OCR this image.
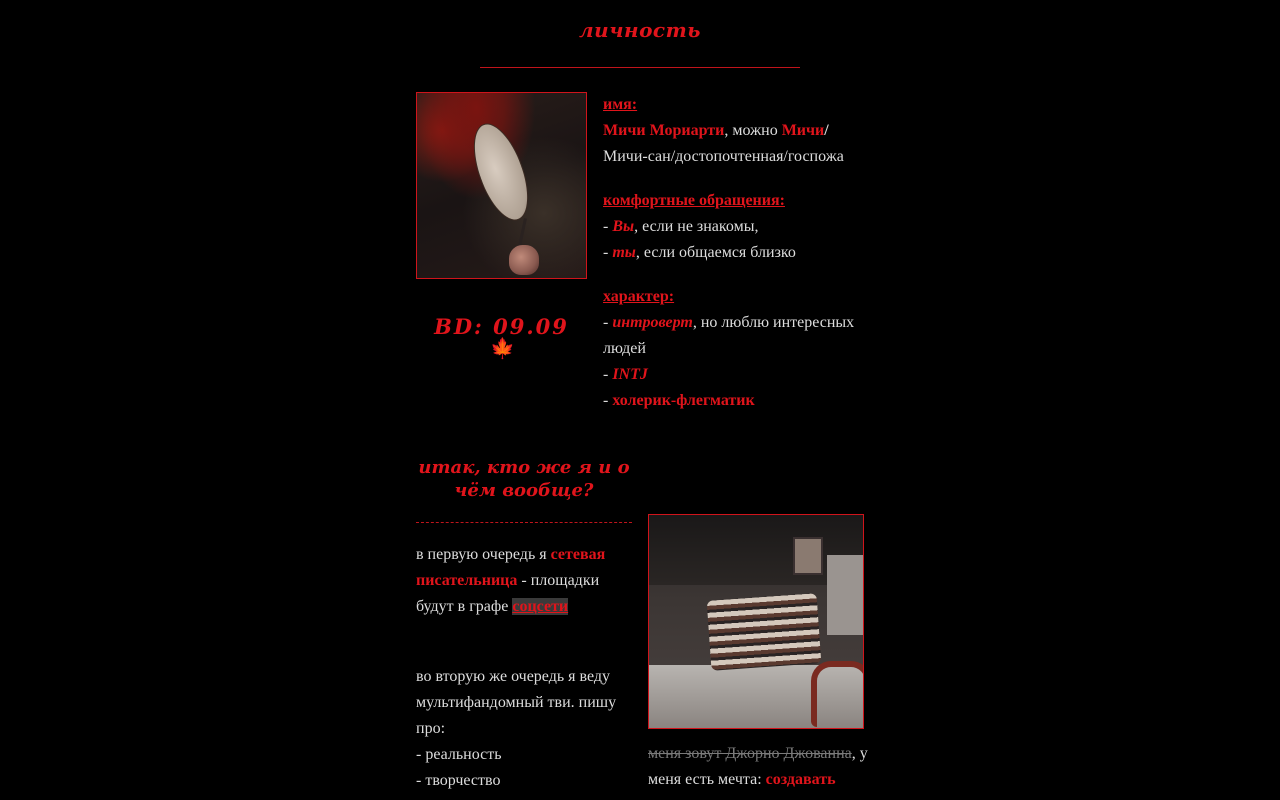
личность
BD: 09.09
🍁

имя:

Мичи Мориарти, можно Мичи/

Мичи-сан/достопочтенная/госпожа

комфортные обращения:

- Вы, если не знакомы,

- ты, если общаемся близко

характер:

- интроверт, но люблю интересных людей

- INTJ

- холерик-флегматик

итак, кто же я и о чём вообще?

в первую очередь я сетевая писательница - площадки будут в графе соцсети

во вторую же очередь я веду мультифандомный тви. пишу про:

- реальность

- творчество

меня зовут Джорно Джованна, у меня есть мечта: создавать
